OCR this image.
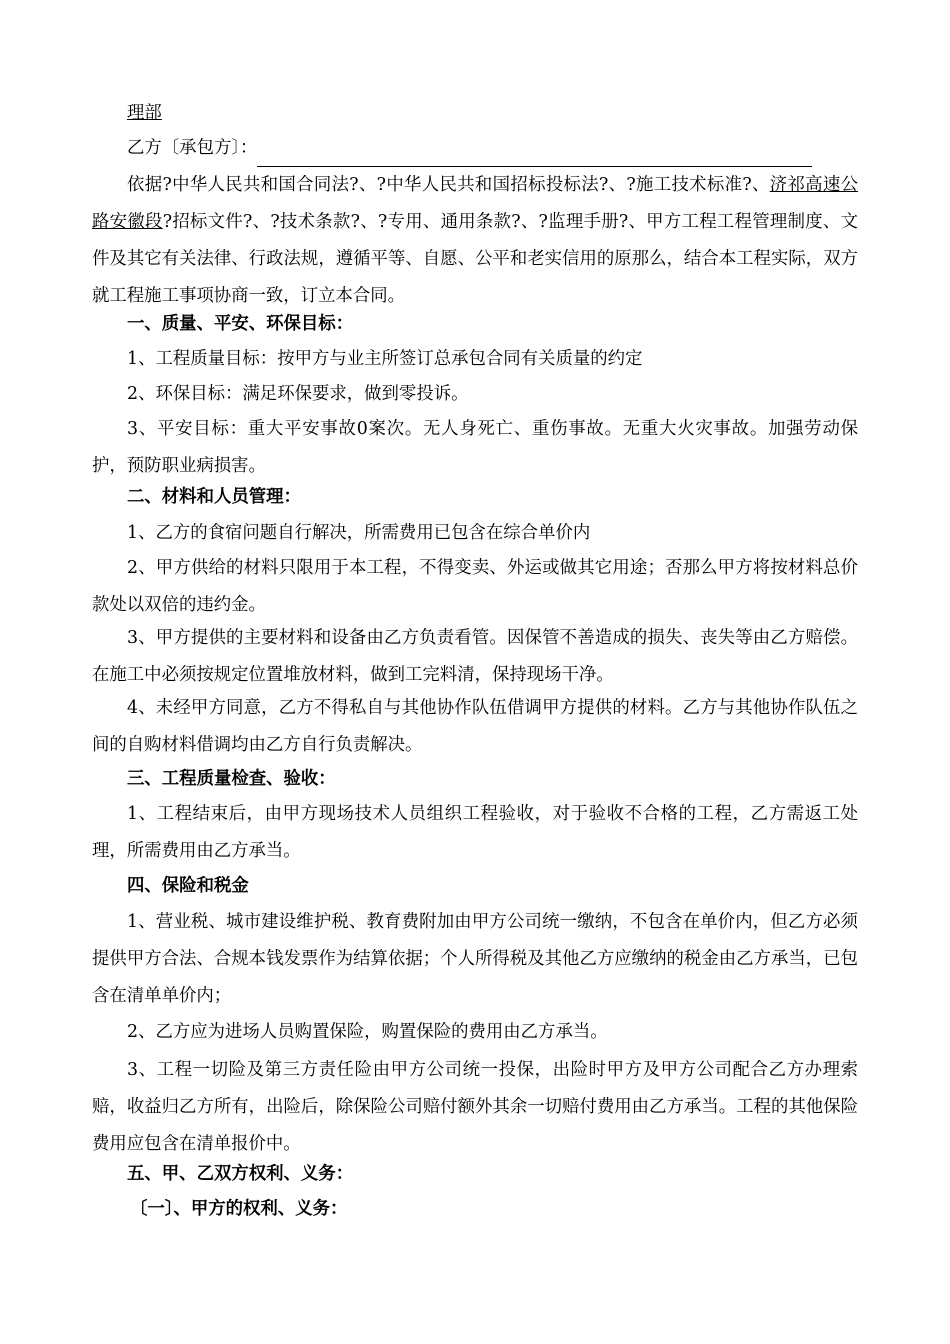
理部

乙方〔承包方〕：

依据?中华人民共和国合同法?、?中华人民共和国招标投标法?、?施工技术标准?、济祁高速公路安徽段?招标文件?、?技术条款?、?专用、通用条款?、?监理手册?、甲方工程工程管理制度、文件及其它有关法律、行政法规，遵循平等、自愿、公平和老实信用的原那么，结合本工程实际，双方就工程施工事项协商一致，订立本合同。

一、质量、平安、环保目标：

1、工程质量目标：按甲方与业主所签订总承包合同有关质量的约定

2、环保目标：满足环保要求，做到零投诉。

3、平安目标：重大平安事故0案次。无人身死亡、重伤事故。无重大火灾事故。加强劳动保护，预防职业病损害。

二、材料和人员管理：

1、乙方的食宿问题自行解决，所需费用已包含在综合单价内

2、甲方供给的材料只限用于本工程，不得变卖、外运或做其它用途；否那么甲方将按材料总价款处以双倍的违约金。

3、甲方提供的主要材料和设备由乙方负责看管。因保管不善造成的损失、丧失等由乙方赔偿。在施工中必须按规定位置堆放材料，做到工完料清，保持现场干净。

4、未经甲方同意，乙方不得私自与其他协作队伍借调甲方提供的材料。乙方与其他协作队伍之间的自购材料借调均由乙方自行负责解决。

三、工程质量检查、验收：

1、工程结束后，由甲方现场技术人员组织工程验收，对于验收不合格的工程，乙方需返工处理，所需费用由乙方承当。

四、保险和税金

1、营业税、城市建设维护税、教育费附加由甲方公司统一缴纳，不包含在单价内，但乙方必须提供甲方合法、合规本钱发票作为结算依据；个人所得税及其他乙方应缴纳的税金由乙方承当，已包含在清单单价内；

2、乙方应为进场人员购置保险，购置保险的费用由乙方承当。

3、工程一切险及第三方责任险由甲方公司统一投保，出险时甲方及甲方公司配合乙方办理索赔，收益归乙方所有，出险后，除保险公司赔付额外其余一切赔付费用由乙方承当。工程的其他保险费用应包含在清单报价中。

五、甲、乙双方权利、义务：

〔一〕、甲方的权利、义务：
